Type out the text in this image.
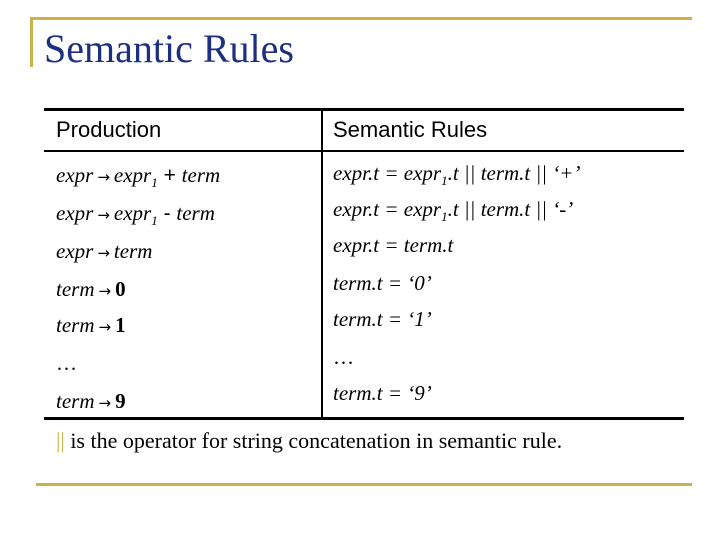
Semantic Rules
Production	Semantic Rules
expr → expr$_1$ + term	expr.t = expr$_1$.t || term.t || ‘+’
expr → expr$_1$ - term	expr.t = expr$_1$.t || term.t || ‘-’
expr → term	expr.t = term.t
term → 0	term.t = ‘0’
term → 1	term.t = ‘1’
…	…
term → 9	term.t = ‘9’
|| is the operator for string concatenation in semantic rule.
